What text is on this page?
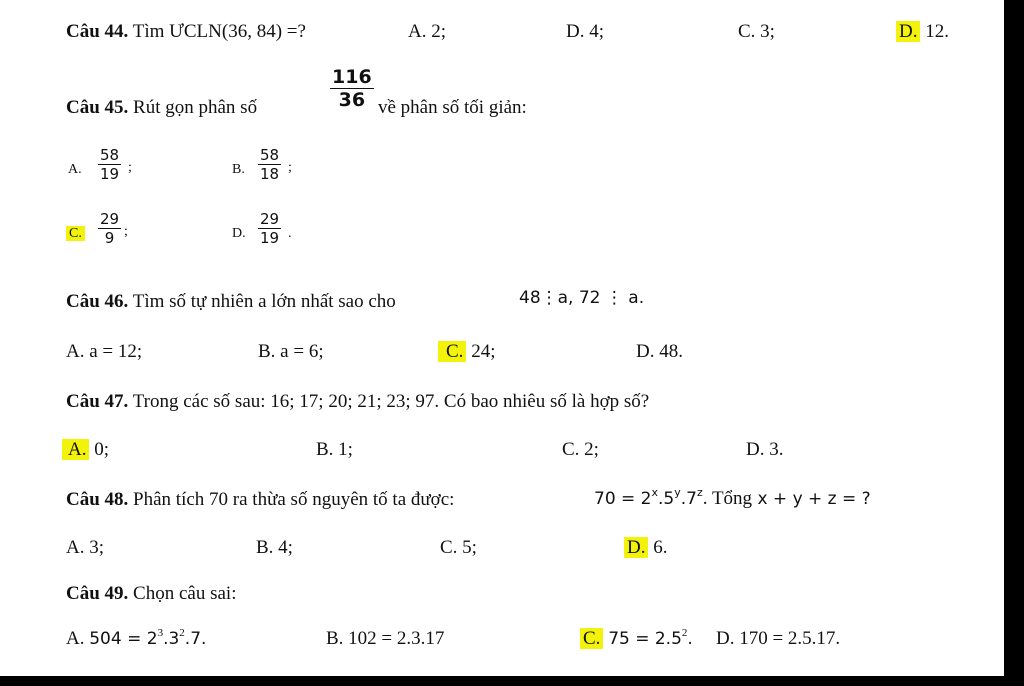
Câu 44. Tìm ƯCLN(36, 84) =?	A. 2;	D. 4;	C. 3;	D. 12.
Câu 45. Rút gọn phân số	$\frac{116}{36}$ về phân số tối giản:
A. $\frac{58}{19}$ ;	B. $\frac{58}{18}$ ;
C. $\frac{29}{9}$ ;	D. $\frac{29}{19}$ .
Câu 46. Tìm số tự nhiên a lớn nhất sao cho	48⋮a, 72 ⋮ a.
A. a = 12;	B. a = 6;	C. 24;	D. 48.
Câu 47. Trong các số sau: 16; 17; 20; 21; 23; 97. Có bao nhiêu số là hợp số?
A. 0;	B. 1;	C. 2;	D. 3.
Câu 48. Phân tích 70 ra thừa số nguyên tố ta được:	$70 = 2^x.5^y.7^z$. Tổng x + y + z = ?
A. 3;	B. 4;	C. 5;	D. 6.
Câu 49. Chọn câu sai:
A. $504 = 2^3.3^2.7$.	B. 102 = 2.3.17	C. $75 = 2.5^2$. D. 170 = 2.5.17.
